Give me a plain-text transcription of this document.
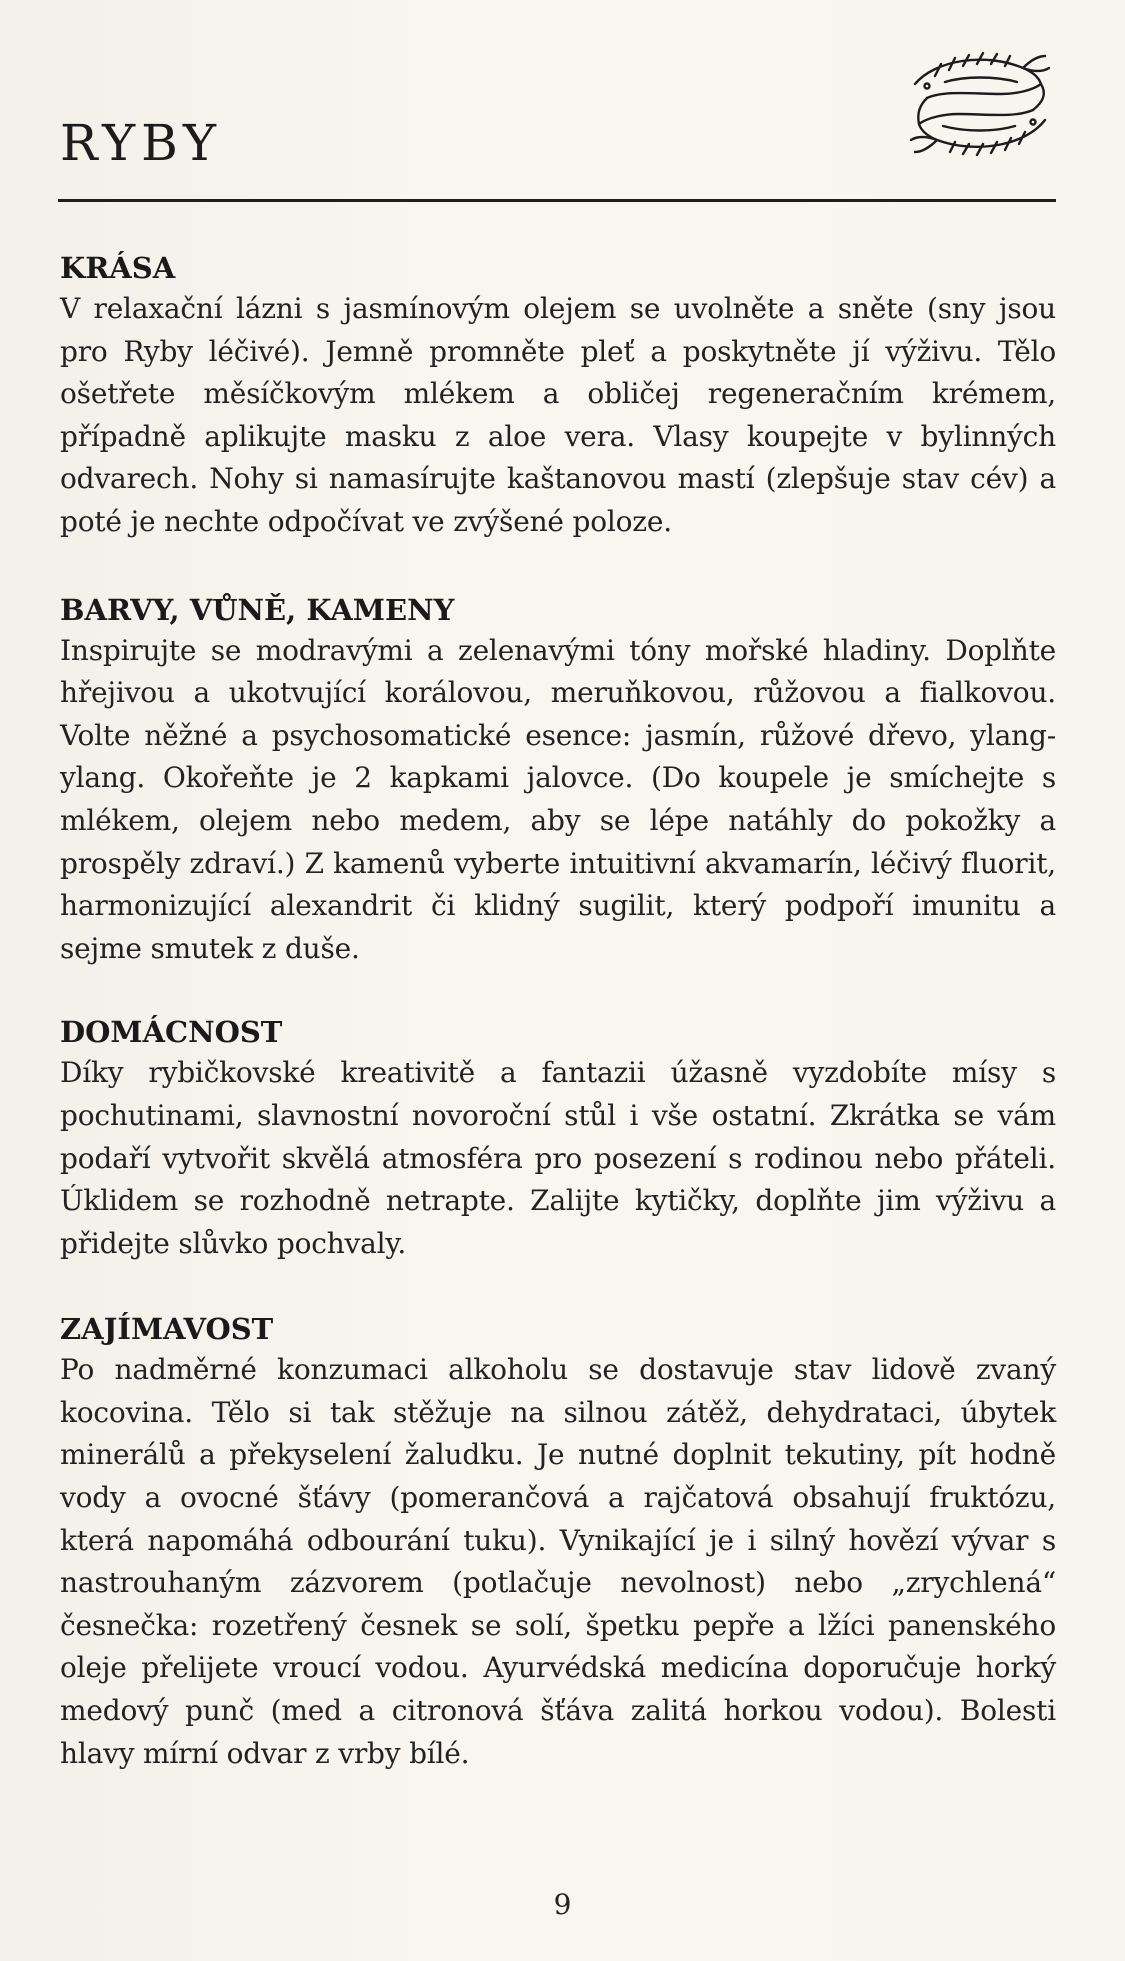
RYBY
KRÁSA

V relaxační lázni s jasmínovým olejem se uvolněte a sněte (sny jsou pro Ryby léčivé). Jemně promněte pleť a poskytněte jí výživu. Tělo ošetřete měsíčkovým mlékem a obličej regeneračním krémem, případně aplikujte masku z aloe vera. Vlasy koupejte v bylinných odvarech. Nohy si namasírujte kaštanovou mastí (zlepšuje stav cév) a poté je nechte odpočívat ve zvýšené poloze.

BARVY, VŮNĚ, KAMENY

Inspirujte se modravými a zelenavými tóny mořské hladiny. Doplňte hřejivou a ukotvující korálovou, meruňkovou, růžovou a fialkovou. Volte něžné a psychosomatické esence: jasmín, růžové dřevo, ylang-ylang. Okořeňte je 2 kapkami jalovce. (Do koupele je smíchejte s mlékem, olejem nebo medem, aby se lépe natáhly do pokožky a prospěly zdraví.) Z kamenů vyberte intuitivní akvamarín, léčivý fluorit, harmonizující alexandrit či klidný sugilit, který podpoří imunitu a sejme smutek z duše.

DOMÁCNOST

Díky rybičkovské kreativitě a fantazii úžasně vyzdobíte mísy s pochutinami, slavnostní novoroční stůl i vše ostatní. Zkrátka se vám podaří vytvořit skvělá atmosféra pro posezení s rodinou nebo přáteli. Úklidem se rozhodně netrapte. Zalijte kytičky, doplňte jim výživu a přidejte slůvko pochvaly.

ZAJÍMAVOST

Po nadměrné konzumaci alkoholu se dostavuje stav lidově zvaný kocovina. Tělo si tak stěžuje na silnou zátěž, dehydrataci, úbytek minerálů a překyselení žaludku. Je nutné doplnit tekutiny, pít hodně vody a ovocné šťávy (pomerančová a rajčatová obsahují fruktózu, která napomáhá odbourání tuku). Vynikající je i silný hovězí vývar s nastrouhaným zázvorem (potlačuje nevolnost) nebo „zrychlená“ česnečka: rozetřený česnek se solí, špetku pepře a lžíci panenského oleje přelijete vroucí vodou. Ayurvédská medicína doporučuje horký medový punč (med a citronová šťáva zalitá horkou vodou). Bolesti hlavy mírní odvar z vrby bílé.

9
